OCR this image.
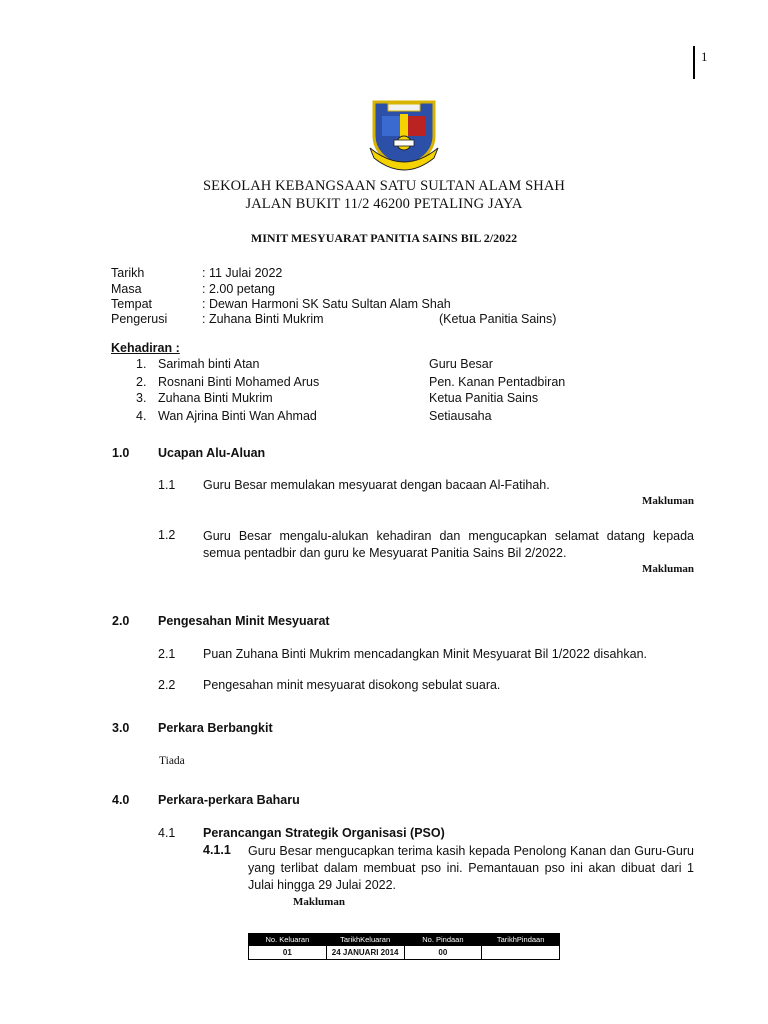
1
SEKOLAH KEBANGSAAN SATU SULTAN ALAM SHAH
JALAN BUKIT 11/2 46200 PETALING JAYA
MINIT MESYUARAT PANITIA SAINS BIL 2/2022
Tarikh	: 11 Julai 2022
Masa	: 2.00 petang
Tempat	: Dewan Harmoni SK Satu Sultan Alam Shah
Pengerusi	: Zuhana Binti Mukrim	(Ketua Panitia Sains)
Kehadiran :
1. Sarimah binti Atan	Guru Besar
2. Rosnani Binti Mohamed Arus	Pen. Kanan Pentadbiran
3. Zuhana Binti Mukrim	Ketua Panitia Sains
4. Wan Ajrina Binti Wan Ahmad	Setiausaha
1.0 Ucapan Alu-Aluan
1.1 Guru Besar memulakan mesyuarat dengan bacaan Al-Fatihah.
Makluman
1.2 Guru Besar mengalu-alukan kehadiran dan mengucapkan selamat datang kepada semua pentadbir dan guru ke Mesyuarat Panitia Sains Bil 2/2022.
Makluman
2.0 Pengesahan Minit Mesyuarat
2.1 Puan Zuhana Binti Mukrim mencadangkan Minit Mesyuarat Bil 1/2022 disahkan.
2.2 Pengesahan minit mesyuarat disokong sebulat suara.
3.0 Perkara Berbangkit
Tiada
4.0 Perkara-perkara Baharu
4.1 Perancangan Strategik Organisasi (PSO)
4.1.1 Guru Besar mengucapkan terima kasih kepada Penolong Kanan dan Guru-Guru yang terlibat dalam membuat pso ini. Pemantauan pso ini akan dibuat dari 1 Julai hingga 29 Julai 2022.
Makluman
No. Keluaran	TarikhKeluaran	No. Pindaan	TarikhPindaan
01	24 JANUARI 2014	00	
